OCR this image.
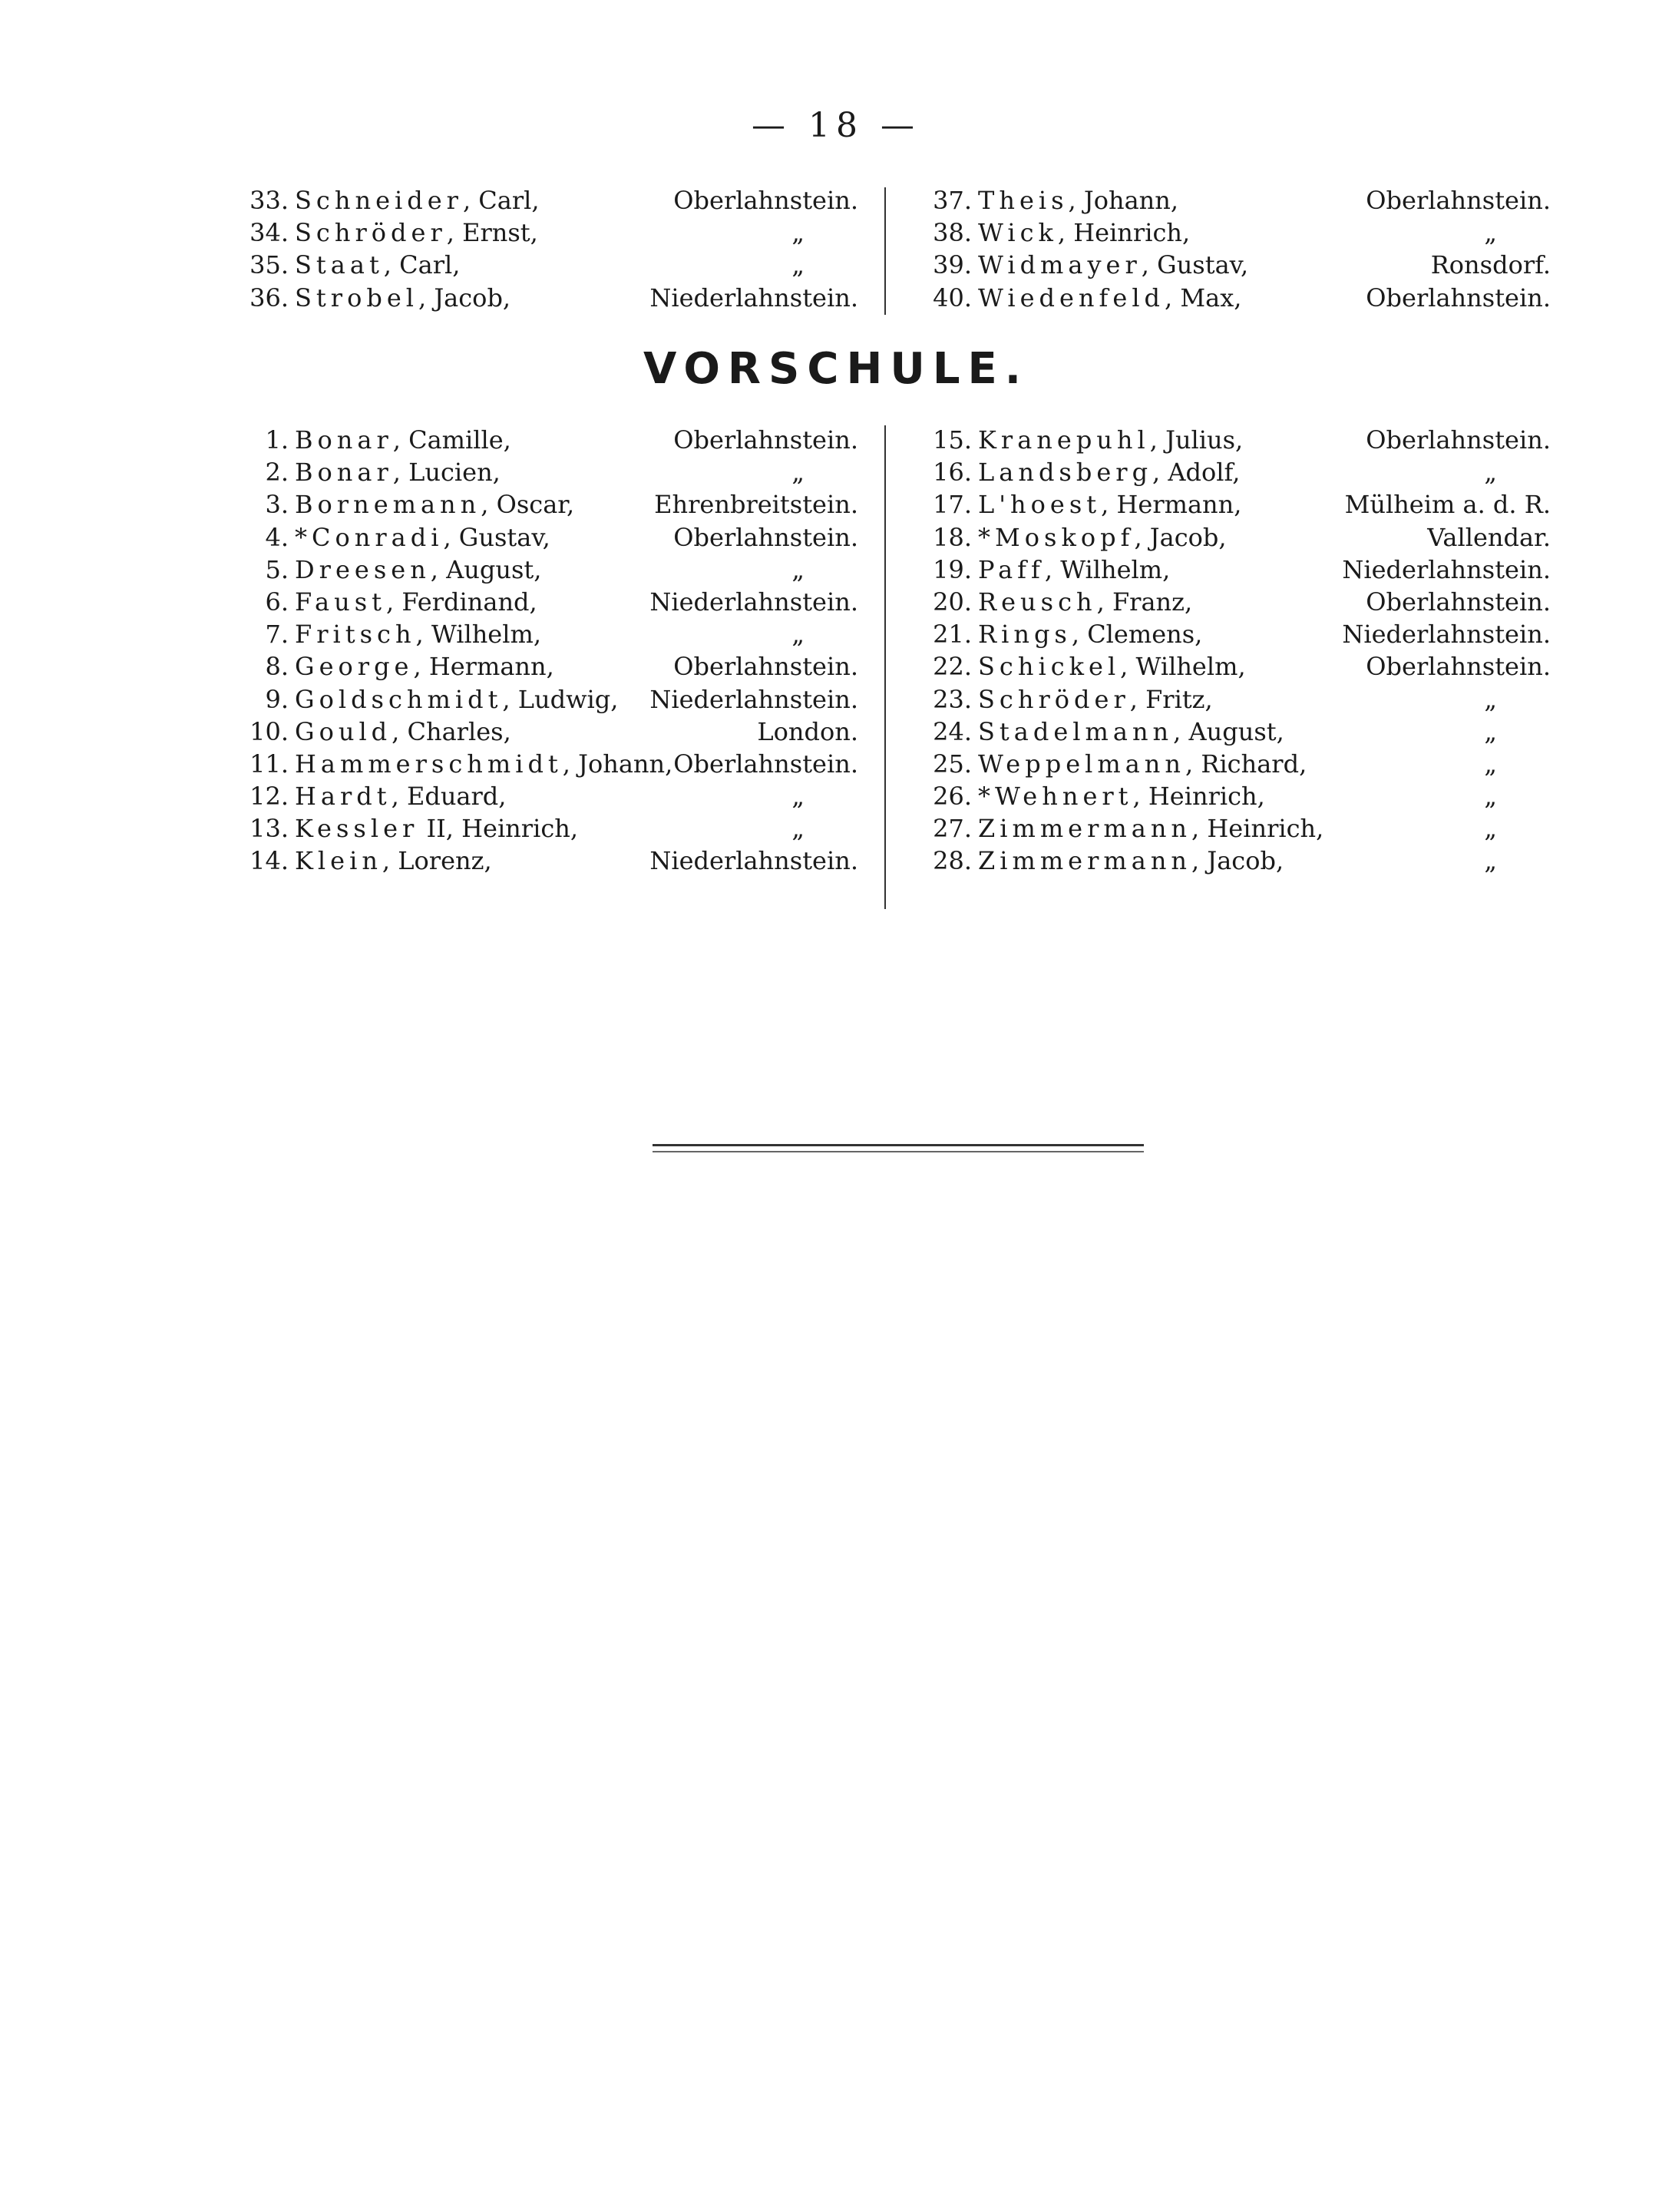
— 18 —
33. Schneider, Carl,	Oberlahnstein.
34. Schröder, Ernst,	„
35. Staat, Carl,	„
36. Strobel, Jacob,	Niederlahnstein.
37. Theis, Johann,	Oberlahnstein.
38. Wick, Heinrich,	„
39. Widmayer, Gustav,	Ronsdorf.
40. Wiedenfeld, Max,	Oberlahnstein.
VORSCHULE.
1. Bonar, Camille,	Oberlahnstein.
2. Bonar, Lucien,	„
3. Bornemann, Oscar,	Ehrenbreitstein.
4. *Conradi, Gustav,	Oberlahnstein.
5. Dreesen, August,	„
6. Faust, Ferdinand,	Niederlahnstein.
7. Fritsch, Wilhelm,	„
8. George, Hermann,	Oberlahnstein.
9. Goldschmidt, Ludwig, Niederlahnstein.
10. Gould, Charles,	London.
11. Hammerschmidt, Johann, Oberlahnstein.
12. Hardt, Eduard,	„
13. Kessler II, Heinrich,	„
14. Klein, Lorenz,	Niederlahnstein.
15. Kranepuhl, Julius,	Oberlahnstein.
16. Landsberg, Adolf,	„
17. L'hoest, Hermann,	Mülheim a. d. R.
18. *Moskopf, Jacob,	Vallendar.
19. Paff, Wilhelm,	Niederlahnstein.
20. Reusch, Franz,	Oberlahnstein.
21. Rings, Clemens,	Niederlahnstein.
22. Schickel, Wilhelm,	Oberlahnstein.
23. Schröder, Fritz,	„
24. Stadelmann, August,	„
25. Weppelmann, Richard,	„
26. *Wehnert, Heinrich,	„
27. Zimmermann, Heinrich,	„
28. Zimmermann, Jacob,	„
